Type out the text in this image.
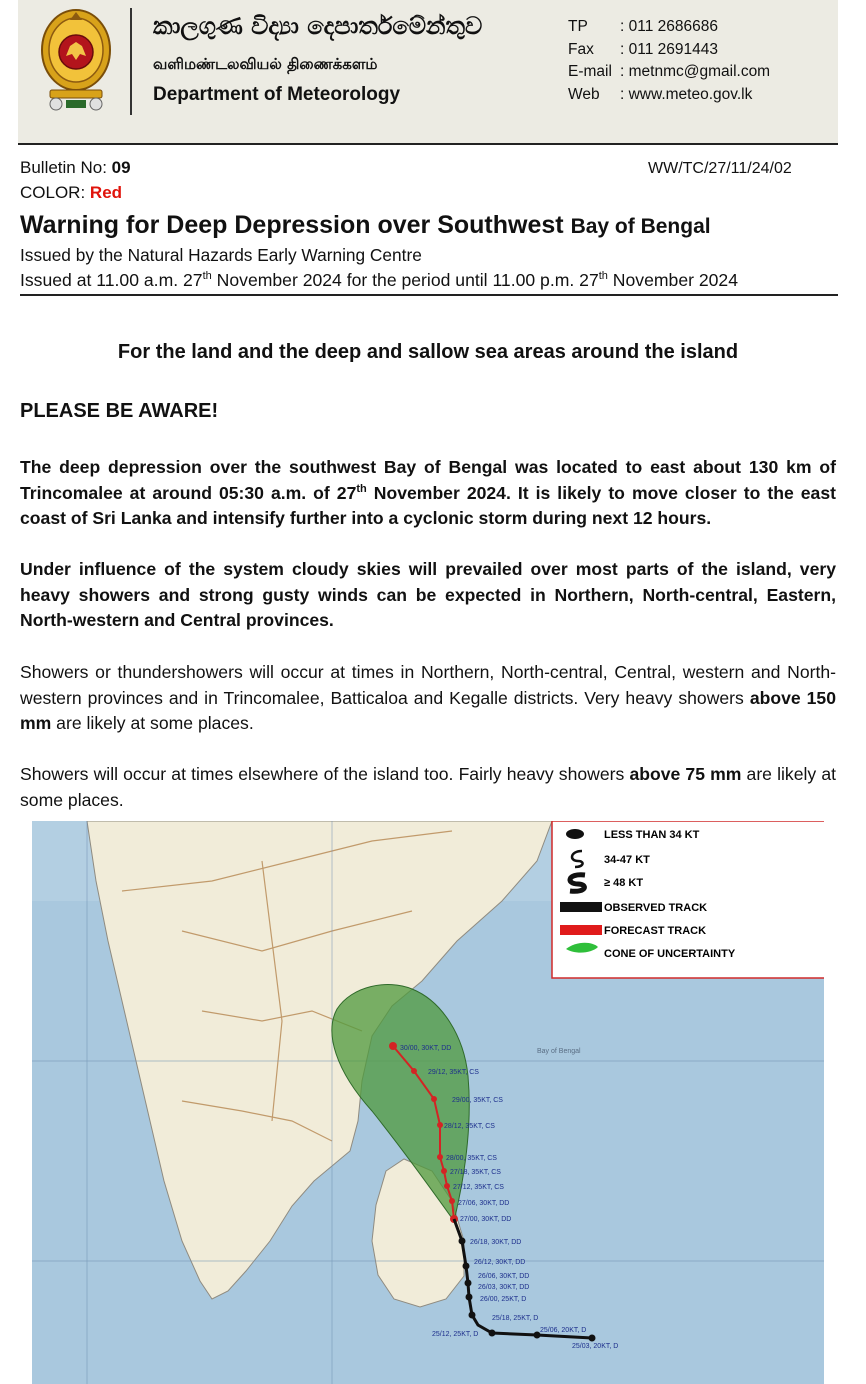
කාලගුණ විද්‍යා දෙපාර්තමේන්තුව
வளிமண்டலவியல் திணைக்களம்
Department of Meteorology
TP : 011 2686686
Fax : 011 2691443
E-mail : metnmc@gmail.com
Web : www.meteo.gov.lk
Bulletin No: 09	WW/TC/27/11/24/02
COLOR: Red
Warning for Deep Depression over Southwest Bay of Bengal
Issued by the Natural Hazards Early Warning Centre
Issued at 11.00 a.m. 27th November 2024 for the period until 11.00 p.m. 27th November 2024
For the land and the deep and sallow sea areas around the island
PLEASE BE AWARE!
The deep depression over the southwest Bay of Bengal was located to east about 130 km of Trincomalee at around 05:30 a.m. of 27th November 2024. It is likely to move closer to the east coast of Sri Lanka and intensify further into a cyclonic storm during next 12 hours.
Under influence of the system cloudy skies will prevailed over most parts of the island, very heavy showers and strong gusty winds can be expected in Northern, North-central, Eastern, North-western and Central provinces.
Showers or thundershowers will occur at times in Northern, North-central, Central, western and North-western provinces and in Trincomalee, Batticaloa and Kegalle districts. Very heavy showers above 150 mm are likely at some places.
Showers will occur at times elsewhere of the island too. Fairly heavy showers above 75 mm are likely at some places.
Bay of Bengal
30/00, 30KT, DD
29/12, 35KT, CS
29/00, 35KT, CS
28/12, 35KT, CS
28/00, 35KT, CS
27/18, 35KT, CS
27/12, 35KT, CS
27/06, 30KT, DD
27/00, 30KT, DD
26/18, 30KT, DD
26/12, 30KT, DD
26/06, 30KT, DD
26/03, 30KT, DD
26/00, 25KT, D
25/18, 25KT, D
25/12, 25KT, D
25/06, 20KT, D
25/03, 20KT, D
LESS THAN 34 KT
34-47 KT
≥ 48 KT
OBSERVED TRACK
FORECAST TRACK
CONE OF UNCERTAINTY
